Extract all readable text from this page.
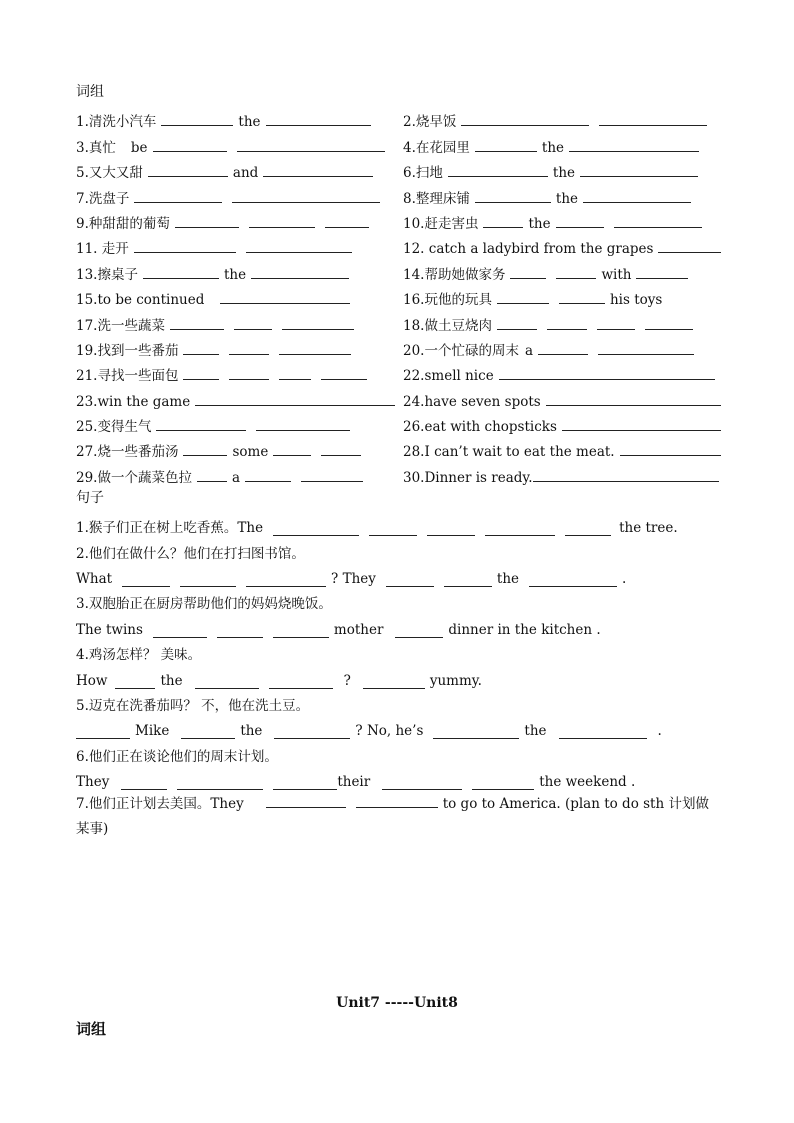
词组
1.清洗小汽车	the	2.烧早饭
3.真忙 be	4.在花园里	the
5.又大又甜	and	6.扫地	the
7.洗盘子	8.整理床铺	the
9.种甜甜的葡萄	10.赶走害虫	the
11. 走开	12. catch a ladybird from the grapes
13.擦桌子	the	14.帮助她做家务	with
15.to be continued	16.玩他的玩具	his toys
17.洗一些蔬菜	18.做土豆烧肉
19.找到一些番茄	20.一个忙碌的周末 a
21.寻找一些面包	22.smell nice
23.win the game	24.have seven spots
25.变得生气	26.eat with chopsticks
27.烧一些番茄汤	some	28.I can’t wait to eat the meat.
29.做一个蔬菜色拉	a	30.Dinner is ready.
句子
1.猴子们正在树上吃香蕉。The	the tree.
2.他们在做什么？他们在打扫图书馆。
What	? They	the	.
3.双胞胎正在厨房帮助他们的妈妈烧晚饭。
The twins	mother	dinner in the kitchen .
4.鸡汤怎样？ 美味。
How	the	?	yummy.
5.迈克在洗番茄吗？ 不，他在洗土豆。
Mike	the	? No, he’s	the	.
6.他们正在谈论他们的周末计划。
They	their	the weekend .
7.他们正计划去美国。They	to go to America. (plan to do sth 计划做某事)
Unit7 -----Unit8
词组
